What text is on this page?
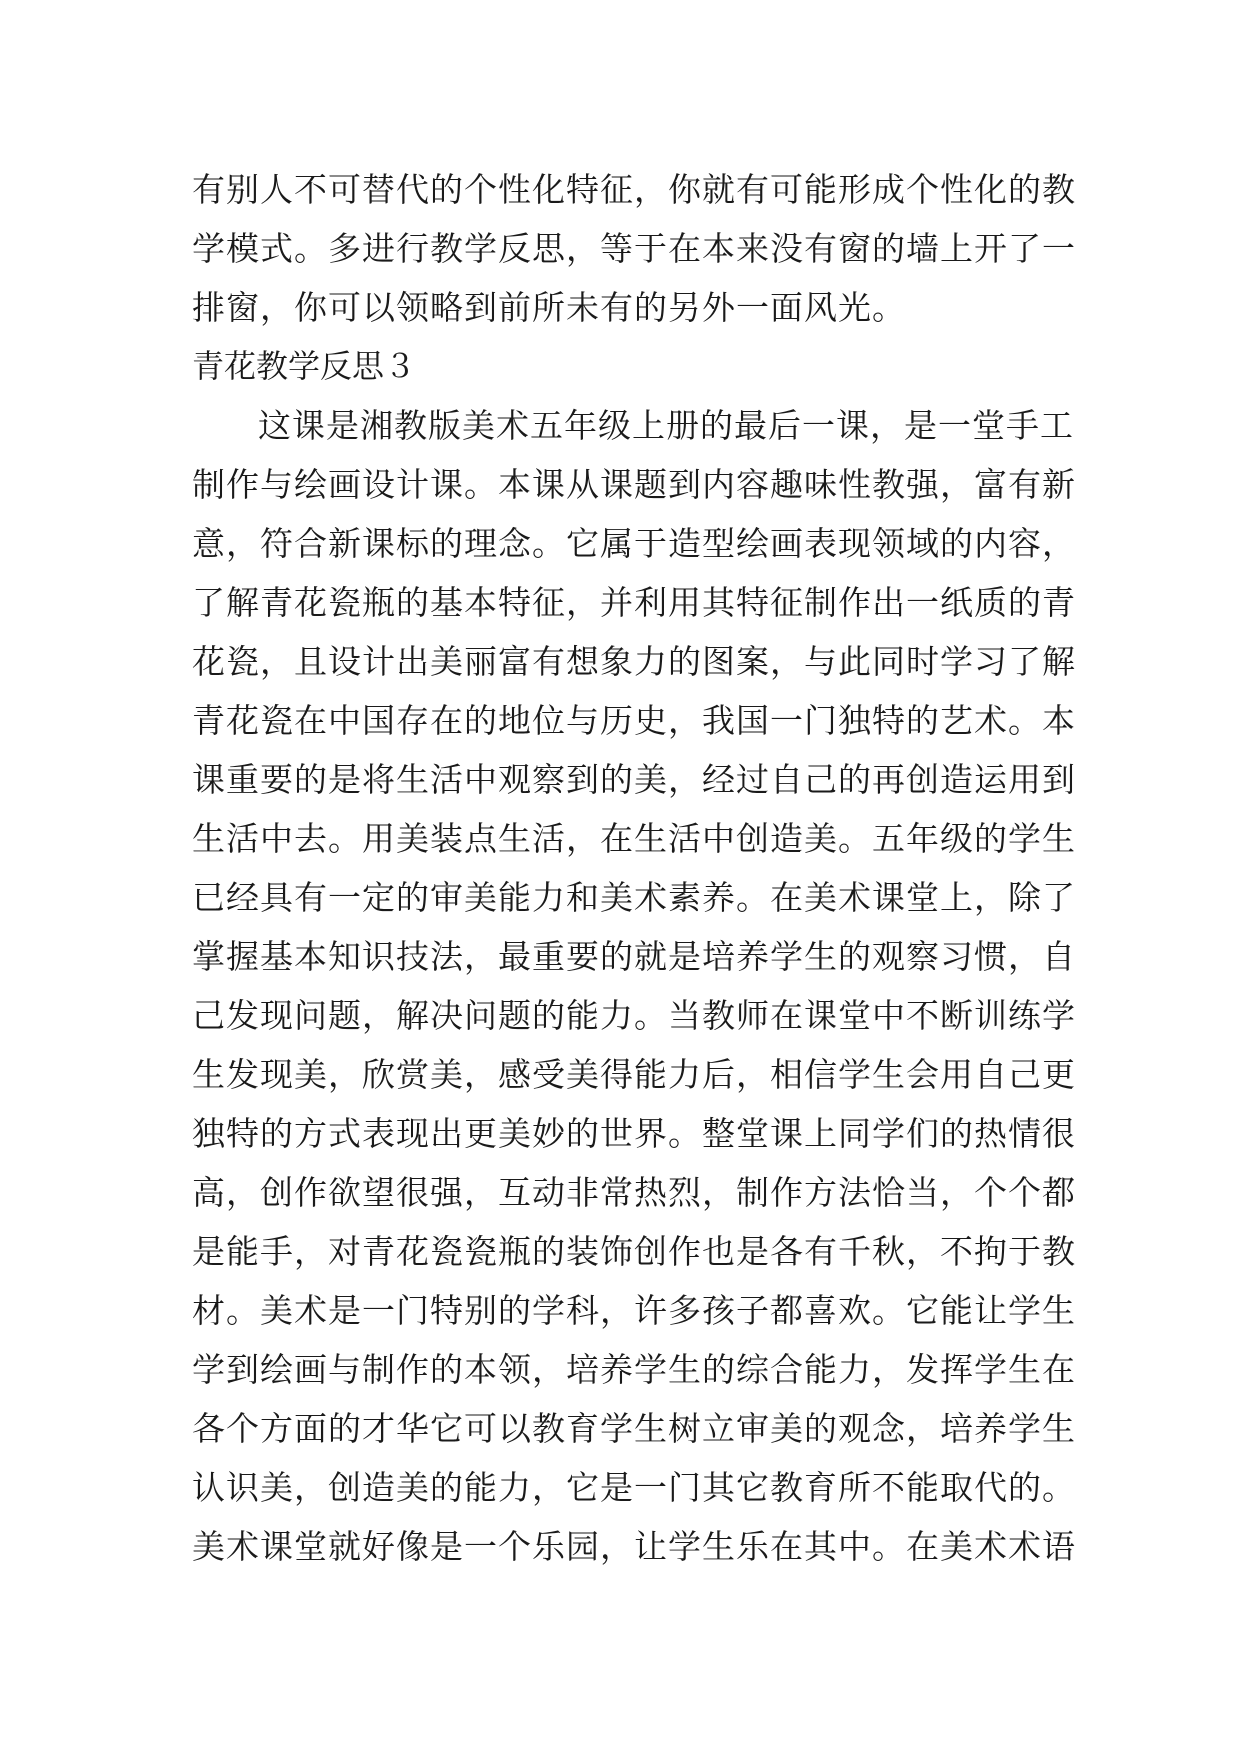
有别人不可替代的个性化特征，你就有可能形成个性化的教
学模式。多进行教学反思，等于在本来没有窗的墙上开了一
排窗，你可以领略到前所未有的另外一面风光。
青花教学反思３
这课是湘教版美术五年级上册的最后一课，是一堂手工
制作与绘画设计课。本课从课题到内容趣味性教强，富有新
意，符合新课标的理念。它属于造型绘画表现领域的内容，
了解青花瓷瓶的基本特征，并利用其特征制作出一纸质的青
花瓷，且设计出美丽富有想象力的图案，与此同时学习了解
青花瓷在中国存在的地位与历史，我国一门独特的艺术。本
课重要的是将生活中观察到的美，经过自己的再创造运用到
生活中去。用美装点生活，在生活中创造美。五年级的学生
已经具有一定的审美能力和美术素养。在美术课堂上，除了
掌握基本知识技法，最重要的就是培养学生的观察习惯，自
己发现问题，解决问题的能力。当教师在课堂中不断训练学
生发现美，欣赏美，感受美得能力后，相信学生会用自己更
独特的方式表现出更美妙的世界。整堂课上同学们的热情很
高，创作欲望很强，互动非常热烈，制作方法恰当，个个都
是能手，对青花瓷瓷瓶的装饰创作也是各有千秋，不拘于教
材。美术是一门特别的学科，许多孩子都喜欢。它能让学生
学到绘画与制作的本领，培养学生的综合能力，发挥学生在
各个方面的才华它可以教育学生树立审美的观念，培养学生
认识美，创造美的能力，它是一门其它教育所不能取代的。
美术课堂就好像是一个乐园，让学生乐在其中。在美术术语
